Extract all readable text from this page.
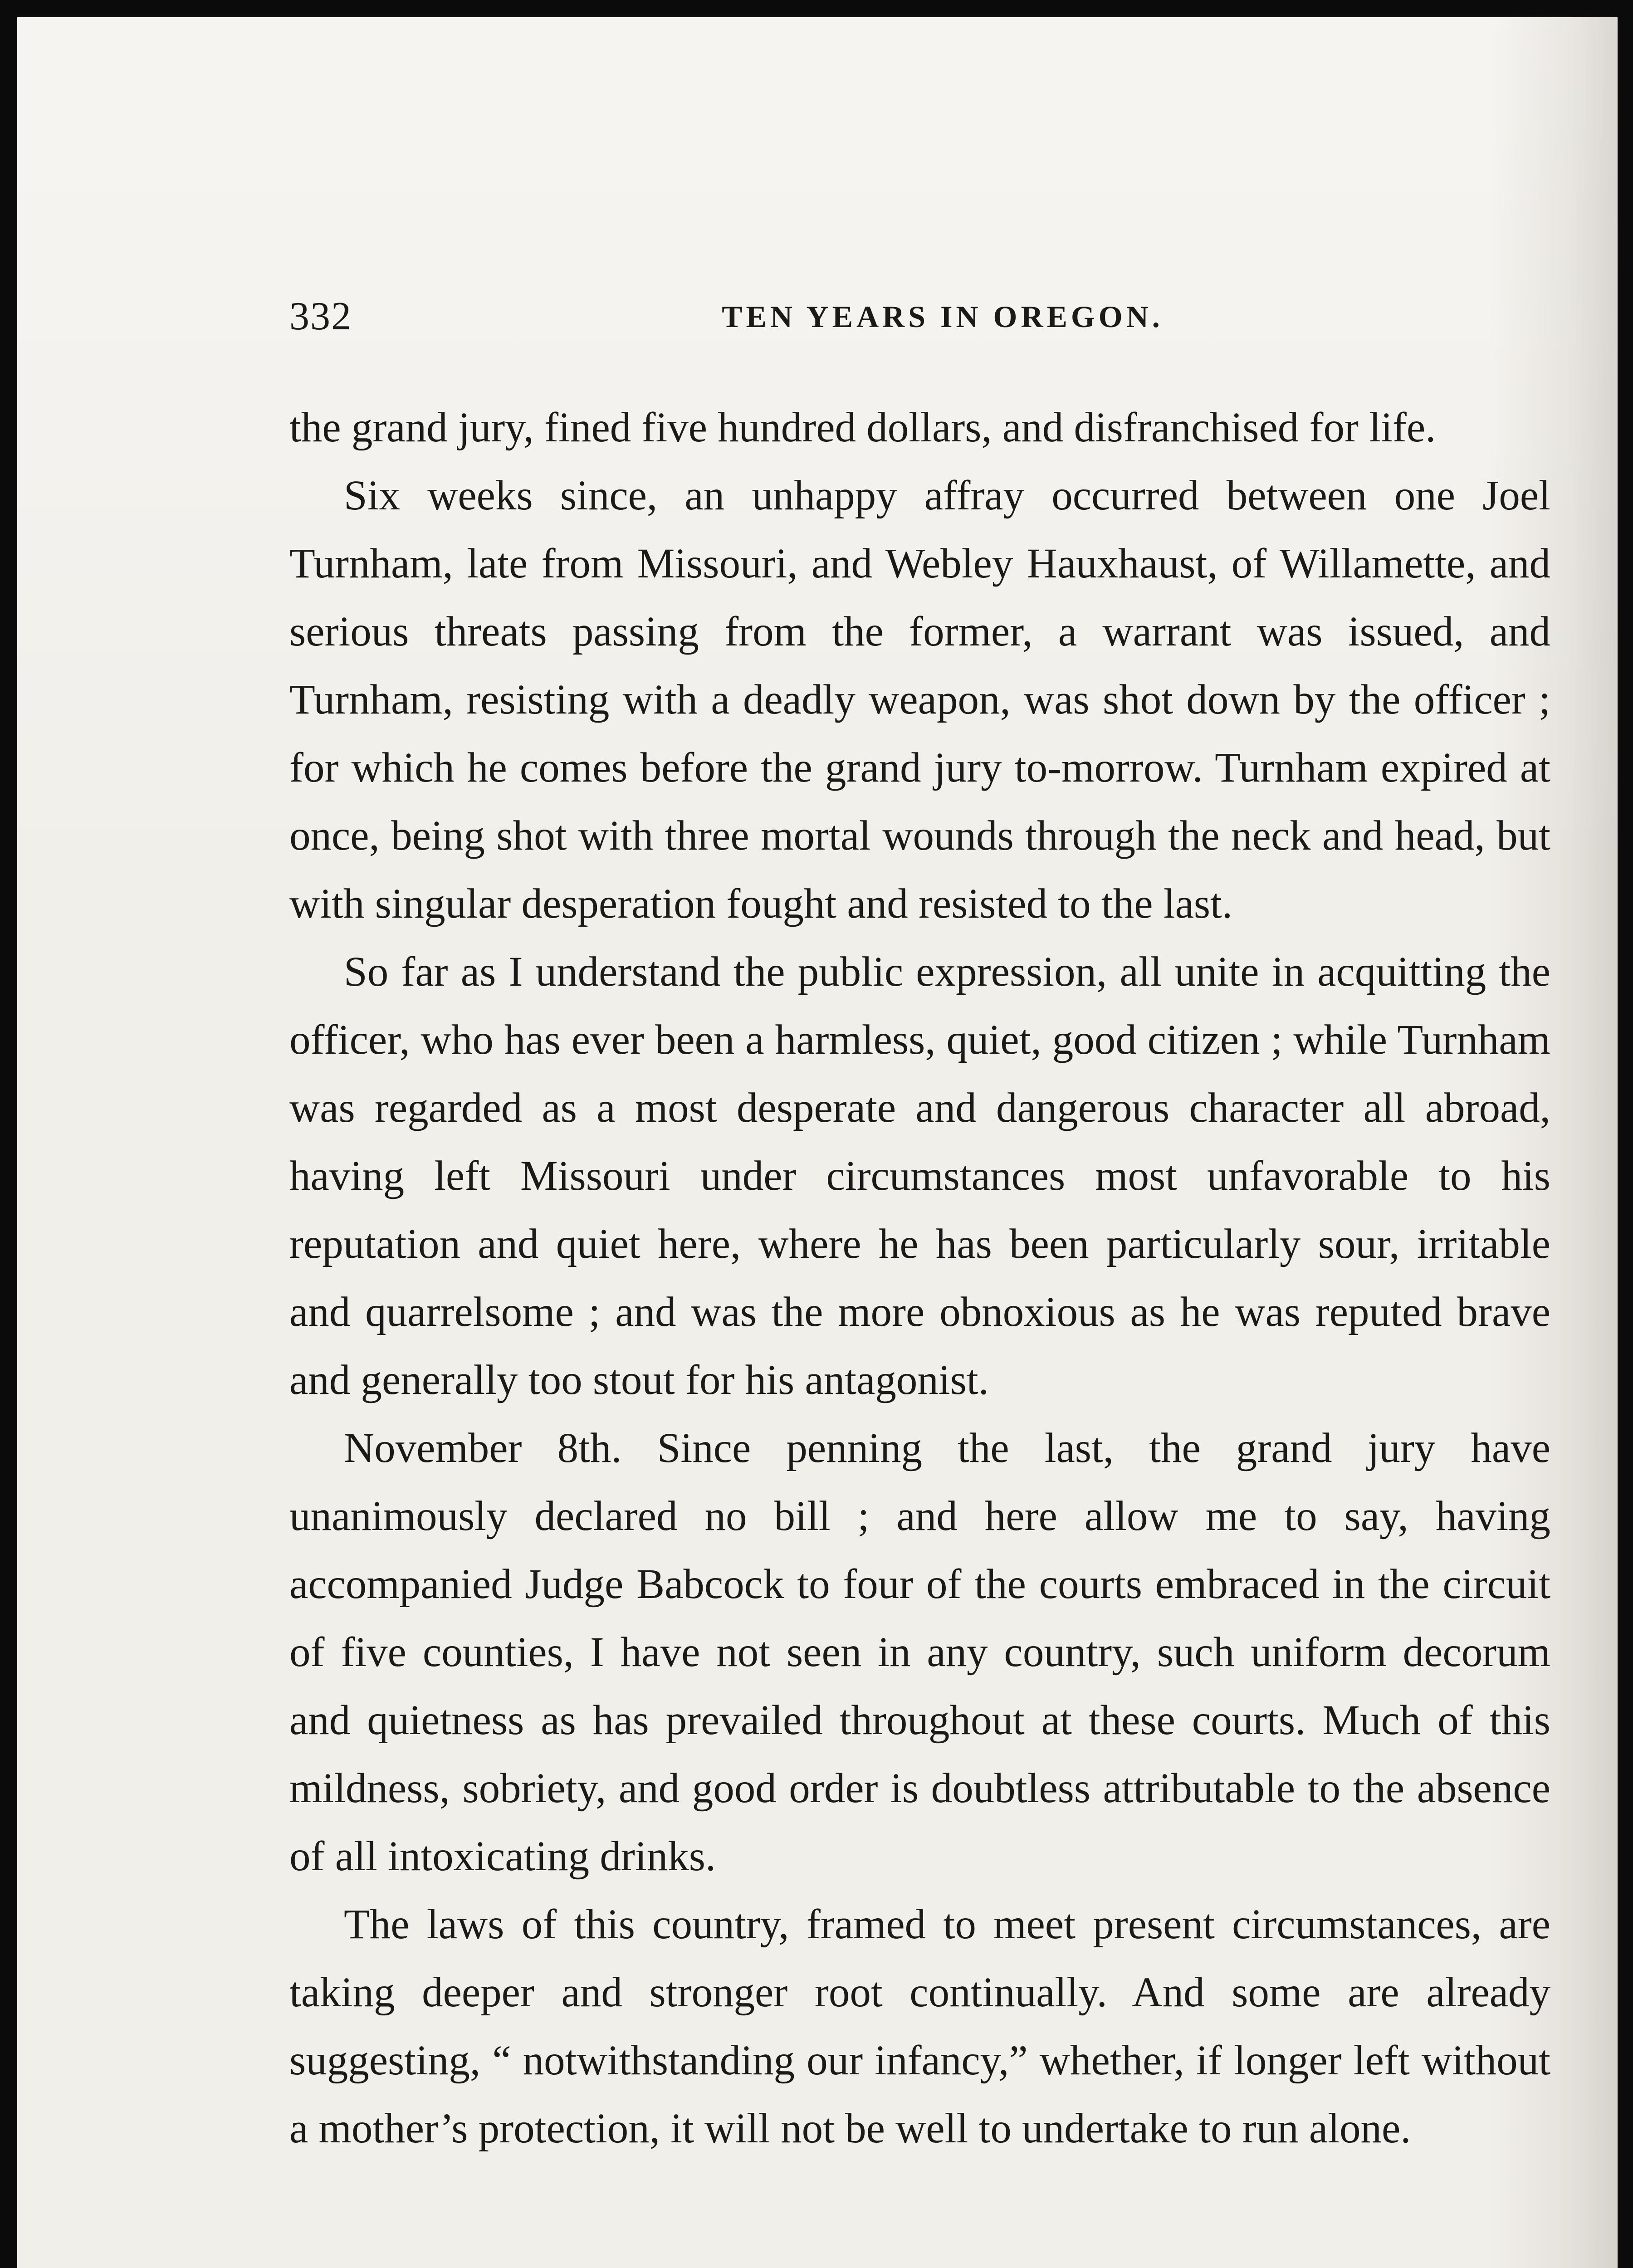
332	TEN YEARS IN OREGON.

the grand jury, fined five hundred dollars, and disfranchised for life.

Six weeks since, an unhappy affray occurred between one Joel Turnham, late from Missouri, and Webley Hauxhaust, of Willamette, and serious threats passing from the former, a warrant was issued, and Turnham, resisting with a deadly weapon, was shot down by the officer ; for which he comes before the grand jury to-morrow. Turnham expired at once, being shot with three mortal wounds through the neck and head, but with singular desperation fought and resisted to the last.

So far as I understand the public expression, all unite in acquitting the officer, who has ever been a harmless, quiet, good citizen ; while Turnham was regarded as a most desperate and dangerous character all abroad, having left Missouri under circumstances most unfavorable to his reputation and quiet here, where he has been particularly sour, irritable and quarrelsome ; and was the more obnoxious as he was reputed brave and generally too stout for his antagonist.

November 8th. Since penning the last, the grand jury have unanimously declared no bill ; and here allow me to say, having accompanied Judge Babcock to four of the courts embraced in the circuit of five counties, I have not seen in any country, such uniform decorum and quietness as has prevailed throughout at these courts. Much of this mildness, sobriety, and good order is doubtless attributable to the absence of all intoxicating drinks.

The laws of this country, framed to meet present circumstances, are taking deeper and stronger root continually. And some are already suggesting, “ notwithstanding our infancy,” whether, if longer left without a mother’s protection, it will not be well to undertake to run alone.
